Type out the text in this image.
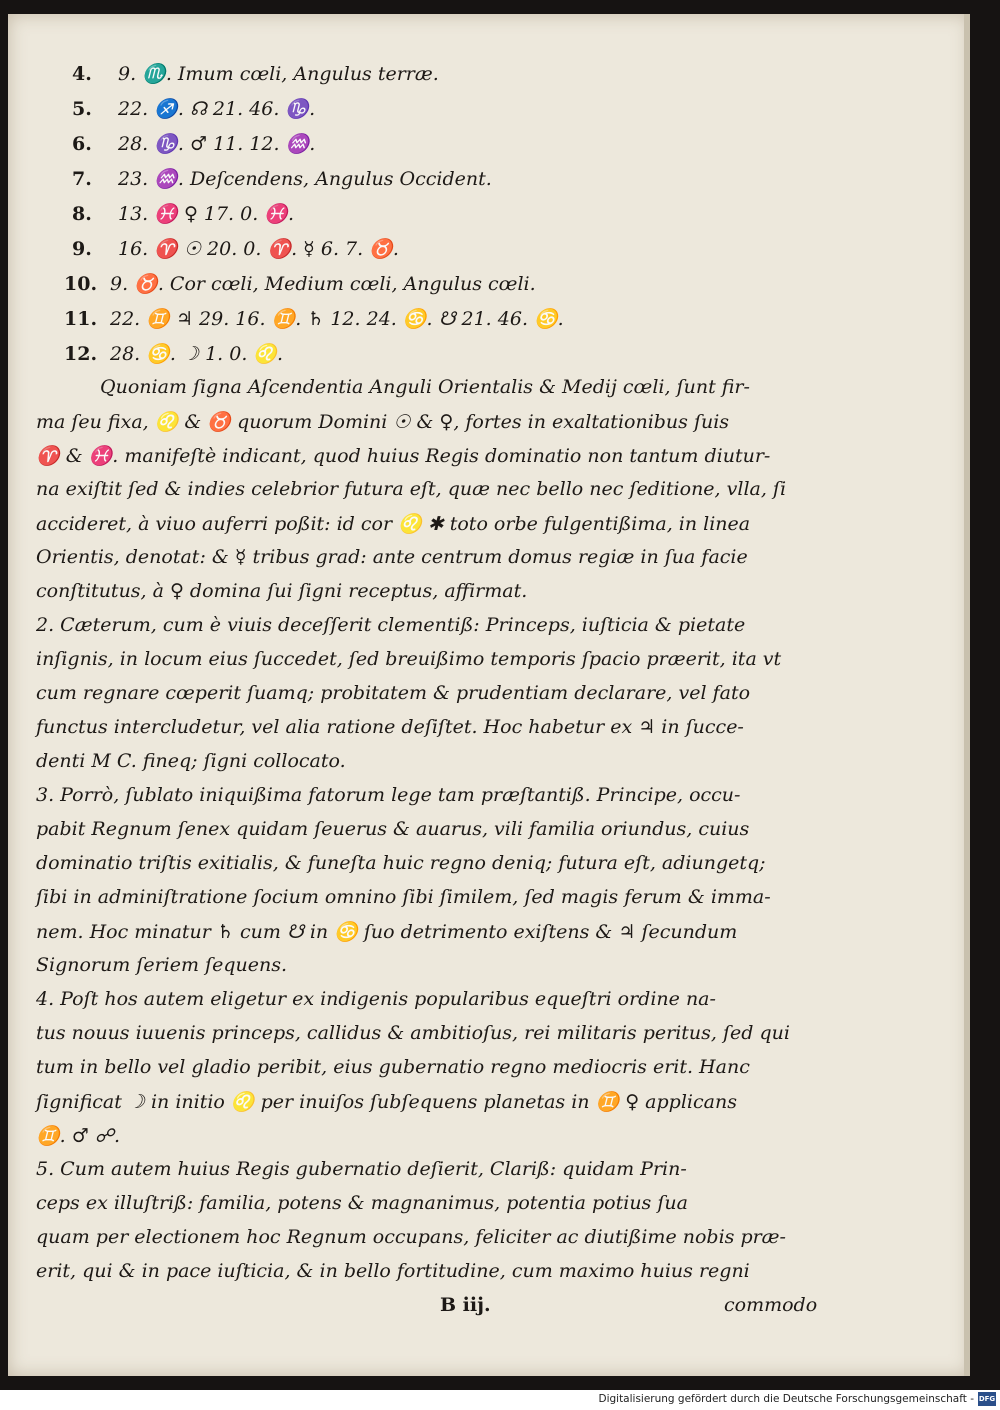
4. 9. ♏. Imum cœli, Angulus terræ.
5. 22. ♐. ☊ 21. 46. ♑.
6. 28. ♑. ♂ 11. 12. ♒.
7. 23. ♒. Deſcendens, Angulus Occident.
8. 13. ♓ ♀ 17. 0. ♓.
9. 16. ♈ ☉ 20. 0. ♈. ☿ 6. 7. ♉.
10. 9. ♉. Cor cœli, Medium cœli, Angulus cœli.
11. 22. ♊ ♃ 29. 16. ♊. ♄ 12. 24. ♋. ☋ 21. 46. ♋.
12. 28. ♋. ☽ 1. 0. ♌.
Quoniam ſigna Aſcendentia Anguli Orientalis & Medij cœli, ſunt fir-
ma ſeu fixa, ♌ & ♉ quorum Domini ☉ & ♀, fortes in exaltationibus ſuis
♈ & ♓. manifeſtè indicant, quod huius Regis dominatio non tantum diutur-
na exiſtit ſed & indies celebrior futura eſt, quæ nec bello nec ſeditione, vlla, ſi
accideret, à viuo auferri poßit: id cor ♌ ✱ toto orbe fulgentißima, in linea
Orientis, denotat: & ☿ tribus grad: ante centrum domus regiæ in ſua facie
conſtitutus, à ♀ domina ſui ſigni receptus, affirmat.
2. Cæterum, cum è viuis deceſſerit clementiß: Princeps, iuſticia & pietate
inſignis, in locum eius ſuccedet, ſed breuißimo temporis ſpacio præerit, ita vt
cum regnare cœperit ſuamq; probitatem & prudentiam declarare, vel fato
functus intercludetur, vel alia ratione deſiſtet. Hoc habetur ex ♃ in ſucce-
denti M C. fineq; ſigni collocato.
3. Porrò, ſublato iniquißima fatorum lege tam præſtantiß. Principe, occu-
pabit Regnum ſenex quidam ſeuerus & auarus, vili familia oriundus, cuius
dominatio triſtis exitialis, & funeſta huic regno deniq; futura eſt, adiungetq;
ſibi in adminiſtratione ſocium omnino ſibi ſimilem, ſed magis ferum & imma-
nem. Hoc minatur ♄ cum ☋ in ♋ ſuo detrimento exiſtens & ♃ ſecundum
Signorum ſeriem ſequens.
4. Poſt hos autem eligetur ex indigenis popularibus equeſtri ordine na-
tus nouus iuuenis princeps, callidus & ambitioſus, rei militaris peritus, ſed qui
tum in bello vel gladio peribit, eius gubernatio regno mediocris erit. Hanc
ſignificat ☽ in initio ♌ per inuiſos ſubſequens planetas in ♊ ♀ applicans
♊. ♂ ☍.
5. Cum autem huius Regis gubernatio deſierit, Clariß: quidam Prin-
ceps ex illuſtriß: familia, potens & magnanimus, potentia potius ſua
quam per electionem hoc Regnum occupans, feliciter ac diutißime nobis præ-
erit, qui & in pace iuſticia, & in bello fortitudine, cum maximo huius regni
B iij.	commodo
Digitalisierung gefördert durch die Deutsche Forschungsgemeinschaft - DFG
